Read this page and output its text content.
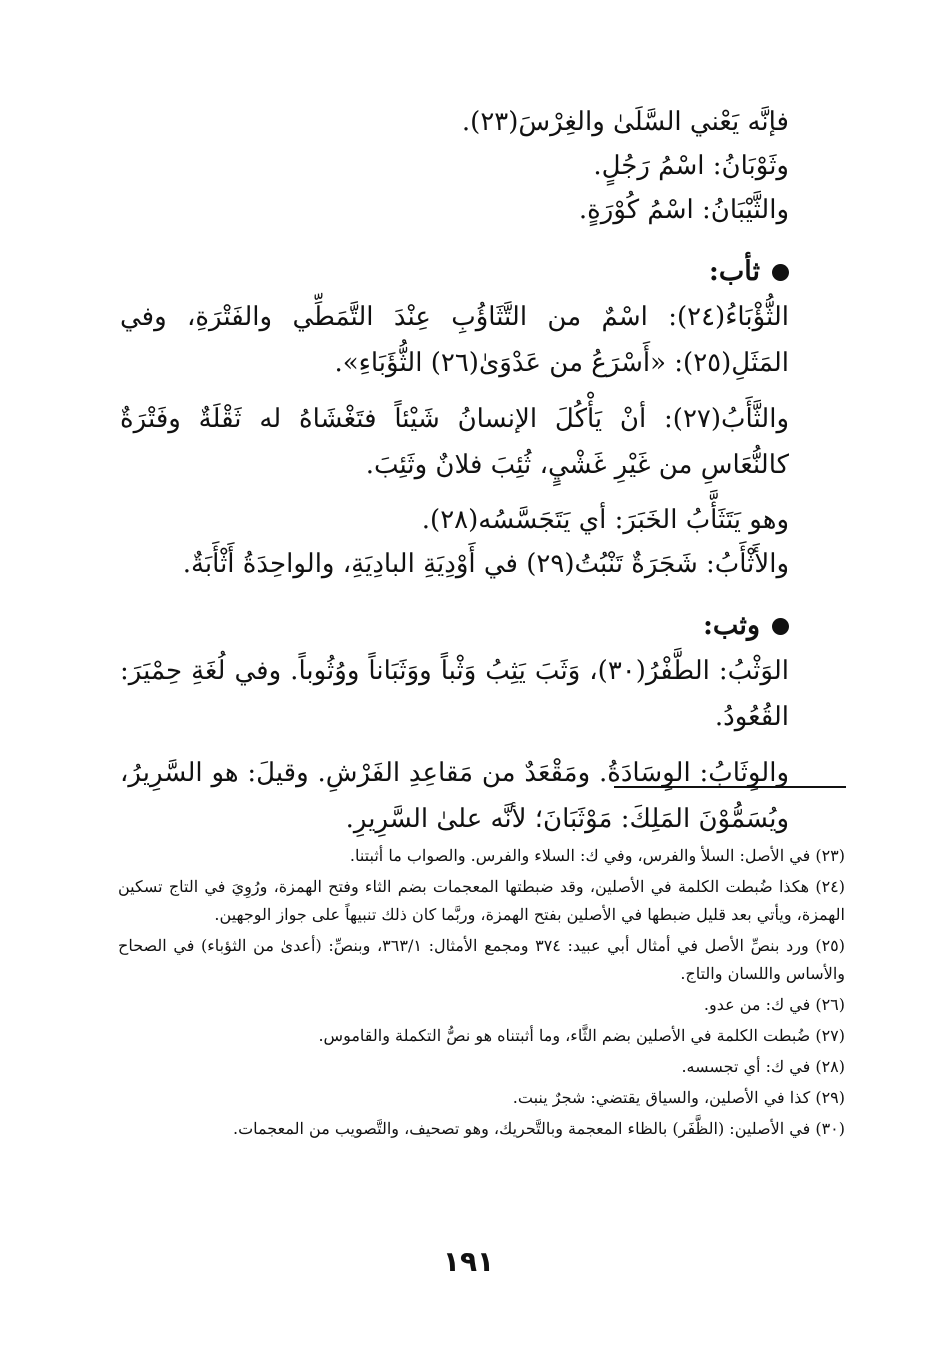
فإنَّه يَعْني السَّلَىٰ والغِرْسَ(٢٣).
وثَوْبَانُ: اسْمُ رَجُلٍ.
والثَّيْبَانُ: اسْمُ كُوْرَةٍ.
ثأب:
الثُّؤْبَاءُ(٢٤): اسْمٌ من التَّثَاؤُبِ عِنْدَ التَّمَطِّي والفَتْرَةِ، وفي المَثَلِ(٢٥): «أَسْرَعُ من عَدْوَىٰ(٢٦) الثُّؤَبَاءِ».
والثَّأَبُ(٢٧): أنْ يَأْكُلَ الإنسانُ شَيْئاً فتَغْشَاهُ له ثَقْلَةٌ وفَتْرَةٌ كالنُّعَاسِ من غَيْرِ غَشْيٍ، ثُئِبَ فلانٌ وثَئِبَ.
وهو يَتَثَأَّبُ الخَبَرَ: أي يَتَجَسَّسُه(٢٨).
والأَثْأَبُ: شَجَرَةٌ تَنْبُتُ(٢٩) في أَوْدِيَةِ البادِيَةِ، والواحِدَةُ أَثْأَبَةٌ.
وثب:
الوَثْبُ: الطَّفْرُ(٣٠)، وَثَبَ يَثِبُ وَثْباً ووَثَبَاناً ووُثُوباً. وفي لُغَةِ حِمْيَرَ: القُعُودُ.
والوِثَابُ: الوِسَادَةُ. ومَقْعَدٌ من مَقاعِدِ الفَرْشِ. وقيلَ: هو السَّرِيرُ، ويُسَمُّوْنَ المَلِكَ: مَوْثَبَانَ؛ لأنَّه علىٰ السَّرِيرِ.
(٢٣) في الأصل: السلأ والفرس، وفي ك: السلاء والفرس. والصواب ما أثبتنا.
(٢٤) هكذا ضُبطت الكلمة في الأصلين، وقد ضبطتها المعجمات بضم الثاء وفتح الهمزة، ورُوِيَ في التاج تسكين الهمزة، ويأتي بعد قليل ضبطها في الأصلين بفتح الهمزة، وربَّما كان ذلك تنبيهاً على جواز الوجهين.
(٢٥) ورد بنصِّ الأصل في أمثال أبي عبيد: ٣٧٤ ومجمع الأمثال: ٣٦٣/١، وبنصِّ: (أعدىٰ من الثؤباء) في الصحاح والأساس واللسان والتاج.
(٢٦) في ك: من عدو.
(٢٧) ضُبطت الكلمة في الأصلين بضم الثَّاء، وما أثبتناه هو نصُّ التكملة والقاموس.
(٢٨) في ك: أي تجسسه.
(٢٩) كذا في الأصلين، والسياق يقتضي: شجرٌ ينبت.
(٣٠) في الأصلين: (الظَّفَر) بالظاء المعجمة وبالتَّحريك، وهو تصحيف، والتَّصويب من المعجمات.
١٩١
